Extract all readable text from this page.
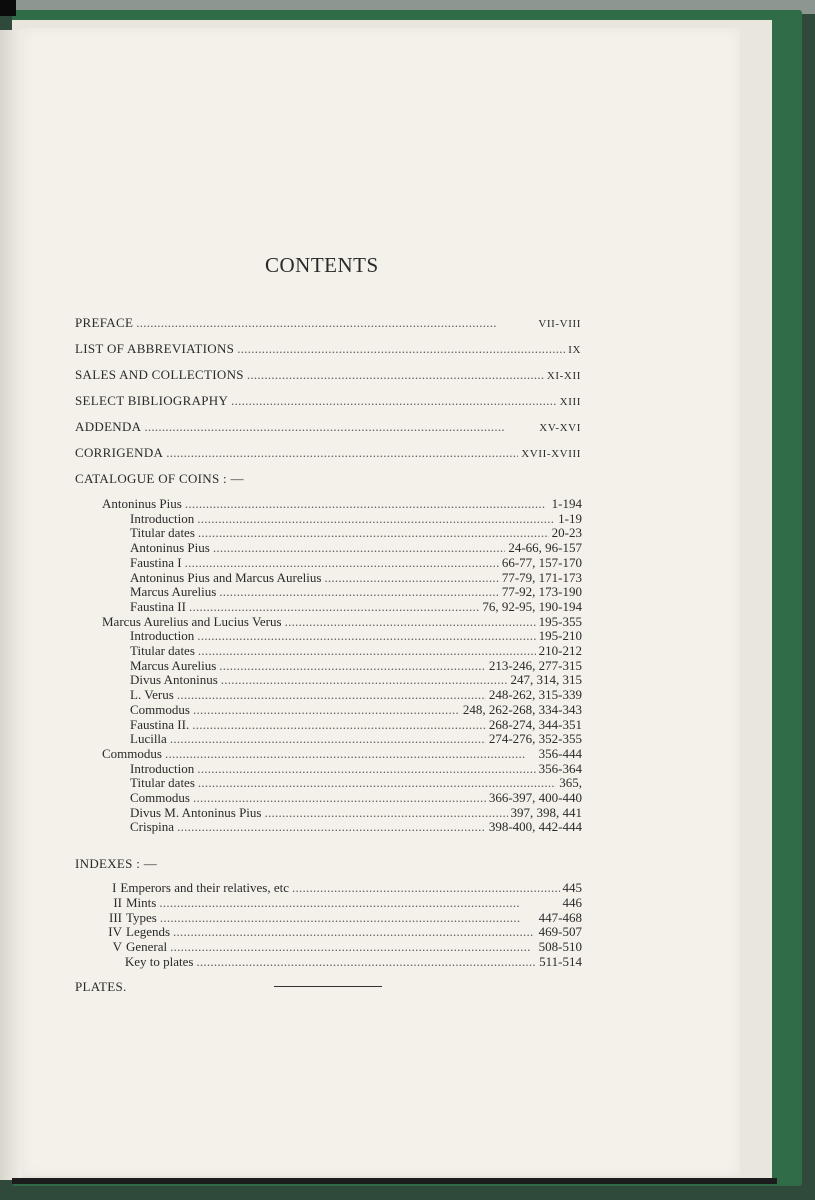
CONTENTS
PREFACE . . .	VII-VIII
LIST OF ABBREVIATIONS . . .	IX
SALES AND COLLECTIONS . . .	XI-XII
SELECT BIBLIOGRAPHY . . .	XIII
ADDENDA . . .	XV-XVI
CORRIGENDA . . .	XVII-XVIII
Antoninus Pius . . .	1-194
Introduction . . .	1-19
Titular dates . . .	20-23
Antoninus Pius . . .	24-66, 96-157
Faustina I . . .	66-77, 157-170
Antoninus Pius and Marcus Aurelius . . .	77-79, 171-173
Marcus Aurelius . . .	77-92, 173-190
Faustina II . . .	76, 92-95, 190-194
Marcus Aurelius and Lucius Verus . . .	195-355
Introduction . . .	195-210
Titular dates . . .	210-212
Marcus Aurelius . . .	213-246, 277-315
Divus Antoninus . . .	247, 314, 315
L. Verus . . .	248-262, 315-339
Commodus . . .	248, 262-268, 334-343
Faustina II. . . .	268-274, 344-351
Lucilla . . .	274-276, 352-355
Commodus . . .	356-444
Introduction . . .	356-364
Titular dates . . .	365,
Commodus . . .	366-397, 400-440
Divus M. Antoninus Pius . . .	397, 398, 441
Crispina . . .	398-400, 442-444
I Emperors and their relatives, etc . . .	445
II Mints . . .	446
III Types . . .	447-468
IV Legends . . .	469-507
V General . . .	508-510
Key to plates . . .	511-514
CATALOGUE OF COINS : —
INDEXES : —
PLATES.
